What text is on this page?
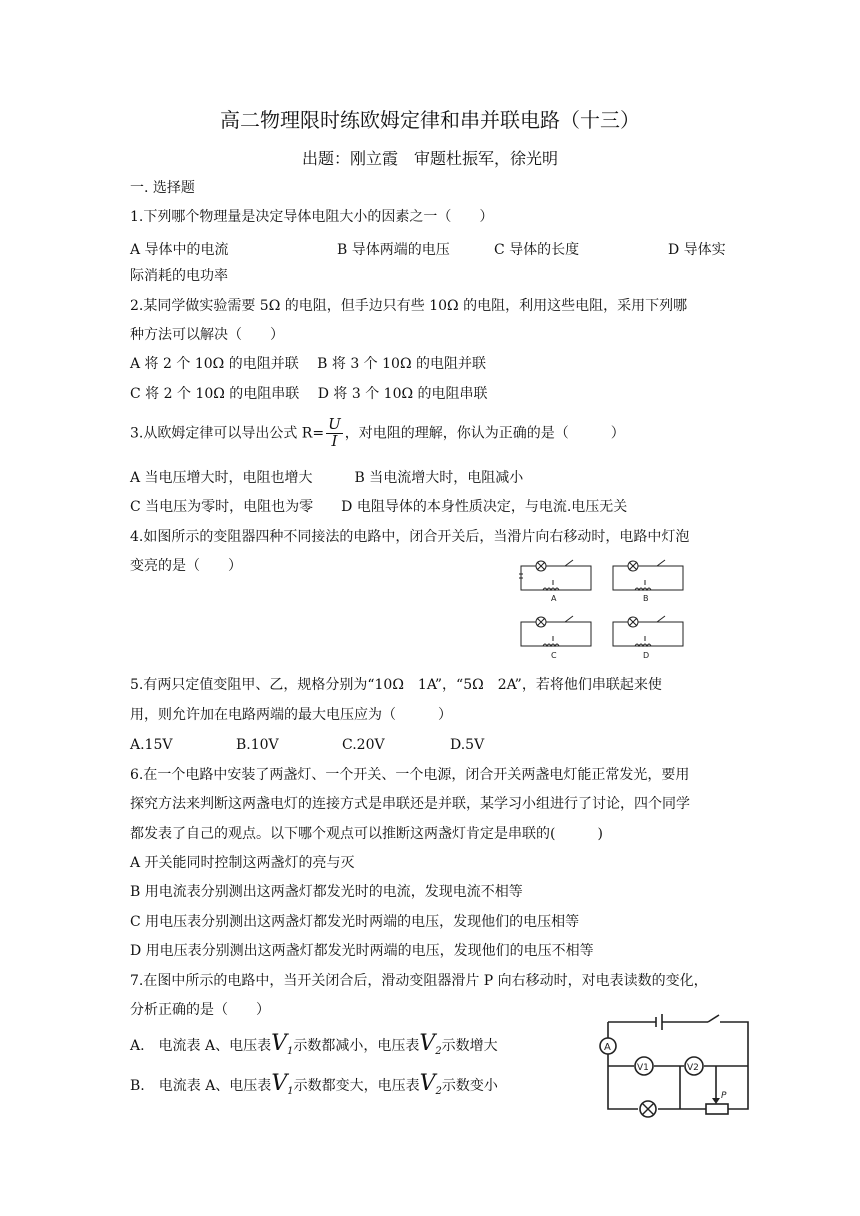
高二物理限时练欧姆定律和串并联电路（十三）
出题：刚立霞　审题杜振军，徐光明
一. 选择题
1.下列哪个物理量是决定导体电阻大小的因素之一（　　）
A 导体中的电流	B 导体两端的电压	C 导体的长度	D 导体实
际消耗的电功率
2.某同学做实验需要 5Ω 的电阻，但手边只有些 10Ω 的电阻，利用这些电阻，采用下列哪
种方法可以解决（　　）
A 将 2 个 10Ω 的电阻并联　 B 将 3 个 10Ω 的电阻并联
C 将 2 个 10Ω 的电阻串联　 D 将 3 个 10Ω 的电阻串联
3.从欧姆定律可以导出公式 $R= \frac{U}{I}$ ，对电阻的理解，你认为正确的是（　　　）
A 当电压增大时，电阻也增大　　　B 当电流增大时，电阻减小
C 当电压为零时，电阻也为零　　D 电阻导体的本身性质决定，与电流.电压无关
4.如图所示的变阻器四种不同接法的电路中，闭合开关后，当滑片向右移动时，电路中灯泡
变亮的是（　　）
A	B
C	D
5.有两只定值变阻甲、乙，规格分别为“10Ω　1A”，“5Ω　2A”，若将他们串联起来使
用，则允许加在电路两端的最大电压应为（　　　）
A.15V	B.10V	C.20V	D.5V
6.在一个电路中安装了两盏灯、一个开关、一个电源，闭合开关两盏电灯能正常发光，要用
探究方法来判断这两盏电灯的连接方式是串联还是并联，某学习小组进行了讨论，四个同学
都发表了自己的观点。以下哪个观点可以推断这两盏灯肯定是串联的(　　　)
A 开关能同时控制这两盏灯的亮与灭
B 用电流表分别测出这两盏灯都发光时的电流，发现电流不相等
C 用电压表分别测出这两盏灯都发光时两端的电压，发现他们的电压相等
D 用电压表分别测出这两盏灯都发光时两端的电压，发现他们的电压不相等
7.在图中所示的电路中，当开关闭合后，滑动变阻器滑片 P 向右移动时，对电表读数的变化，
分析正确的是（　　）
A.　电流表 A、电压表V1示数都减小，电压表V2示数增大
B.　电流表 A、电压表V1示数都变大，电压表V2示数变小
A
V1	V2
P
